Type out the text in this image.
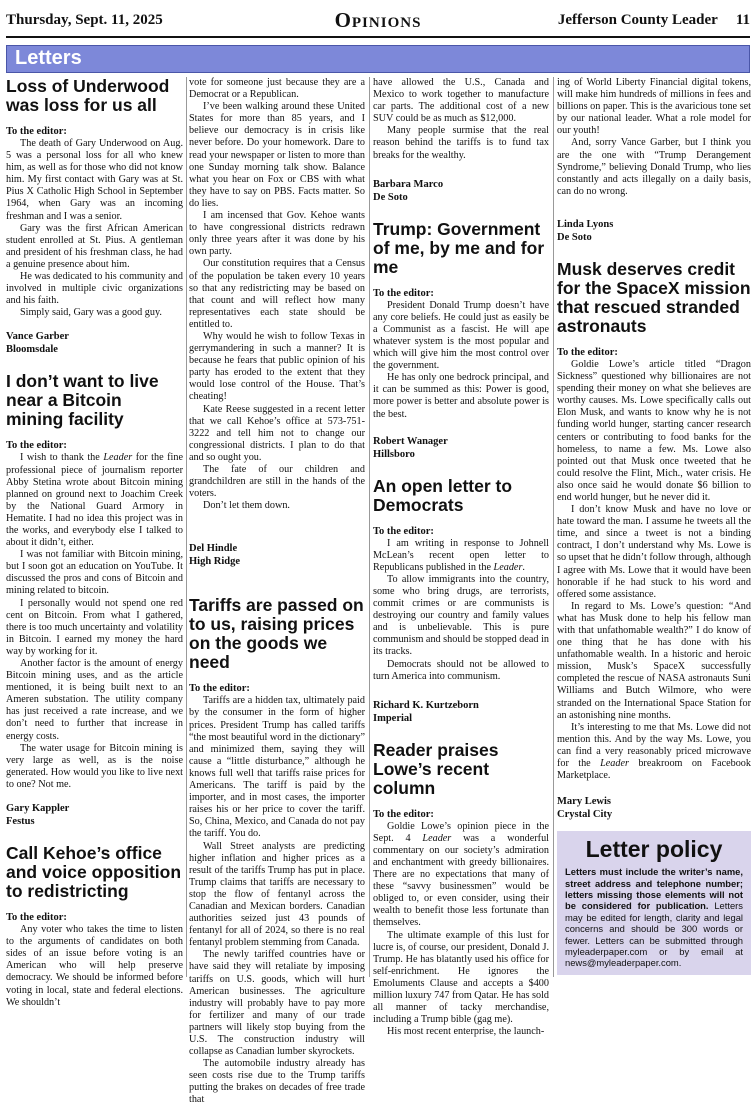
Thursday, Sept. 11, 2025	Opinions	Jefferson County Leader 11
Letters
Loss of Underwood was loss for us all

To the editor:

The death of Gary Underwood on Aug. 5 was a personal loss for all who knew him, as well as for those who did not know him. My first contact with Gary was at St. Pius X Catholic High School in September 1964, when Gary was an incoming freshman and I was a senior.

Gary was the first African American student enrolled at St. Pius. A gentleman and president of his freshman class, he had a genuine presence about him.

He was dedicated to his community and involved in multiple civic organizations and his faith.

Simply said, Gary was a good guy.

Vance Garber

Bloomsdale

I don’t want to live near a Bitcoin mining facility

To the editor:

I wish to thank the Leader for the fine professional piece of journalism reporter Abby Stetina wrote about Bitcoin mining planned on ground next to Joachim Creek by the National Guard Armory in Hematite. I had no idea this project was in the works, and everybody else I talked to about it didn’t, either.

I was not familiar with Bitcoin mining, but I soon got an education on YouTube. It discussed the pros and cons of Bitcoin and mining related to bitcoin.

I personally would not spend one red cent on Bitcoin. From what I gathered, there is too much uncertainty and volatility in Bitcoin. I earned my money the hard way by working for it.

Another factor is the amount of energy Bitcoin mining uses, and as the article mentioned, it is being built next to an Ameren substation. The utility company has just received a rate increase, and we don’t need to further that increase in energy costs.

The water usage for Bitcoin mining is very large as well, as is the noise generated. How would you like to live next to one? Not me.

Gary Kappler

Festus

Call Kehoe’s office and voice opposition to redistricting

To the editor:

Any voter who takes the time to listen to the arguments of candidates on both sides of an issue before voting is an American who will help preserve democracy. We should be informed before voting in local, state and federal elections. We shouldn’t

vote for someone just because they are a Democrat or a Republican.

I’ve been walking around these United States for more than 85 years, and I believe our democracy is in crisis like never before. Do your homework. Dare to read your newspaper or listen to more than one Sunday morning talk show. Balance what you hear on Fox or CBS with what they have to say on PBS. Facts matter. So do lies.

I am incensed that Gov. Kehoe wants to have congressional districts redrawn only three years after it was done by his own party.

Our constitution requires that a Census of the population be taken every 10 years so that any redistricting may be based on that count and will reflect how many representatives each state should be entitled to.

Why would he wish to follow Texas in gerrymandering in such a manner? It is because he fears that public opinion of his party has eroded to the extent that they would lose control of the House. That’s cheating!

Kate Reese suggested in a recent letter that we call Kehoe’s office at 573-751-3222 and tell him not to change our congressional districts. I plan to do that and so ought you.

The fate of our children and grandchildren are still in the hands of the voters.

Don’t let them down.

Del Hindle

High Ridge

Tariffs are passed on to us, raising prices on the goods we need

To the editor:

Tariffs are a hidden tax, ultimately paid by the consumer in the form of higher prices. President Trump has called tariffs “the most beautiful word in the dictionary” and minimized them, saying they will cause a “little disturbance,” although he knows full well that tariffs raise prices for Americans. The tariff is paid by the importer, and in most cases, the importer raises his or her price to cover the tariff. So, China, Mexico, and Canada do not pay the tariff. You do.

Wall Street analysts are predicting higher inflation and higher prices as a result of the tariffs Trump has put in place. Trump claims that tariffs are necessary to stop the flow of fentanyl across the Canadian and Mexican borders. Canadian authorities seized just 43 pounds of fentanyl for all of 2024, so there is no real fentanyl problem stemming from Canada.

The newly tariffed countries have or have said they will retaliate by imposing tariffs on U.S. goods, which will hurt American businesses. The agriculture industry will probably have to pay more for fertilizer and many of our trade partners will likely stop buying from the U.S. The construction industry will collapse as Canadian lumber skyrockets.

The automobile industry already has seen costs rise due to the Trump tariffs putting the brakes on decades of free trade that

have allowed the U.S., Canada and Mexico to work together to manufacture car parts. The additional cost of a new SUV could be as much as $12,000.

Many people surmise that the real reason behind the tariffs is to fund tax breaks for the wealthy.

Barbara Marco

De Soto

Trump: Government of me, by me and for me

To the editor:

President Donald Trump doesn’t have any core beliefs. He could just as easily be a Communist as a fascist. He will ape whatever system is the most popular and which will give him the most control over the government.

He has only one bedrock principal, and it can be summed as this: Power is good, more power is better and absolute power is the best.

Robert Wanager

Hillsboro

An open letter to Democrats

To the editor:

I am writing in response to Johnell McLean’s recent open letter to Republicans published in the Leader.

To allow immigrants into the country, some who bring drugs, are terrorists, commit crimes or are communists is destroying our country and family values and is unbelievable. This is pure communism and should be stopped dead in its tracks.

Democrats should not be allowed to turn America into communism.

Richard K. Kurtzeborn

Imperial

Reader praises Lowe’s recent column

To the editor:

Goldie Lowe’s opinion piece in the Sept. 4 Leader was a wonderful commentary on our society’s admiration and enchantment with greedy billionaires. There are no expectations that many of these “savvy businessmen” would be obliged to, or even consider, using their wealth to benefit those less fortunate than themselves.

The ultimate example of this lust for lucre is, of course, our president, Donald J. Trump. He has blatantly used his office for self-enrichment. He ignores the Emoluments Clause and accepts a $400 million luxury 747 from Qatar. He has sold all manner of tacky merchandise, including a Trump bible (gag me).

His most recent enterprise, the launch-

ing of World Liberty Financial digital tokens, will make him hundreds of millions in fees and billions on paper. This is the avaricious tone set by our national leader. What a role model for our youth!

And, sorry Vance Garber, but I think you are the one with “Trump Derangement Syndrome,” believing Donald Trump, who lies constantly and acts illegally on a daily basis, can do no wrong.

Linda Lyons

De Soto

Musk deserves credit for the SpaceX mission that rescued stranded astronauts

To the editor:

Goldie Lowe’s article titled “Dragon Sickness” questioned why billionaires are not spending their money on what she believes are worthy causes. Ms. Lowe specifically calls out Elon Musk, and wants to know why he is not funding world hunger, starting cancer research centers or contributing to food banks for the homeless, to name a few. Ms. Lowe also pointed out that Musk once tweeted that he could resolve the Flint, Mich., water crisis. He also once said he would donate $6 billion to end world hunger, but he never did it.

I don’t know Musk and have no love or hate toward the man. I assume he tweets all the time, and since a tweet is not a binding contract, I don’t understand why Ms. Lowe is so upset that he didn’t follow through, although I agree with Ms. Lowe that it would have been honorable if he had stuck to his word and offered some assistance.

In regard to Ms. Lowe’s question: “And what has Musk done to help his fellow man with that unfathomable wealth?” I do know of one thing that he has done with his unfathomable wealth. In a historic and heroic mission, Musk’s SpaceX successfully completed the rescue of NASA astronauts Suni Williams and Butch Wilmore, who were stranded on the International Space Station for an astonishing nine months.

It’s interesting to me that Ms. Lowe did not mention this. And by the way Ms. Lowe, you can find a very reasonably priced microwave for the Leader breakroom on Facebook Marketplace.

Mary Lewis

Crystal City

Letter policy

Letters must include the writer’s name, street address and telephone number; letters missing those elements will not be considered for publication. Letters may be edited for length, clarity and legal concerns and should be 300 words or fewer. Letters can be submitted through myleaderpaper.com or by email at news@myleaderpaper.com.
